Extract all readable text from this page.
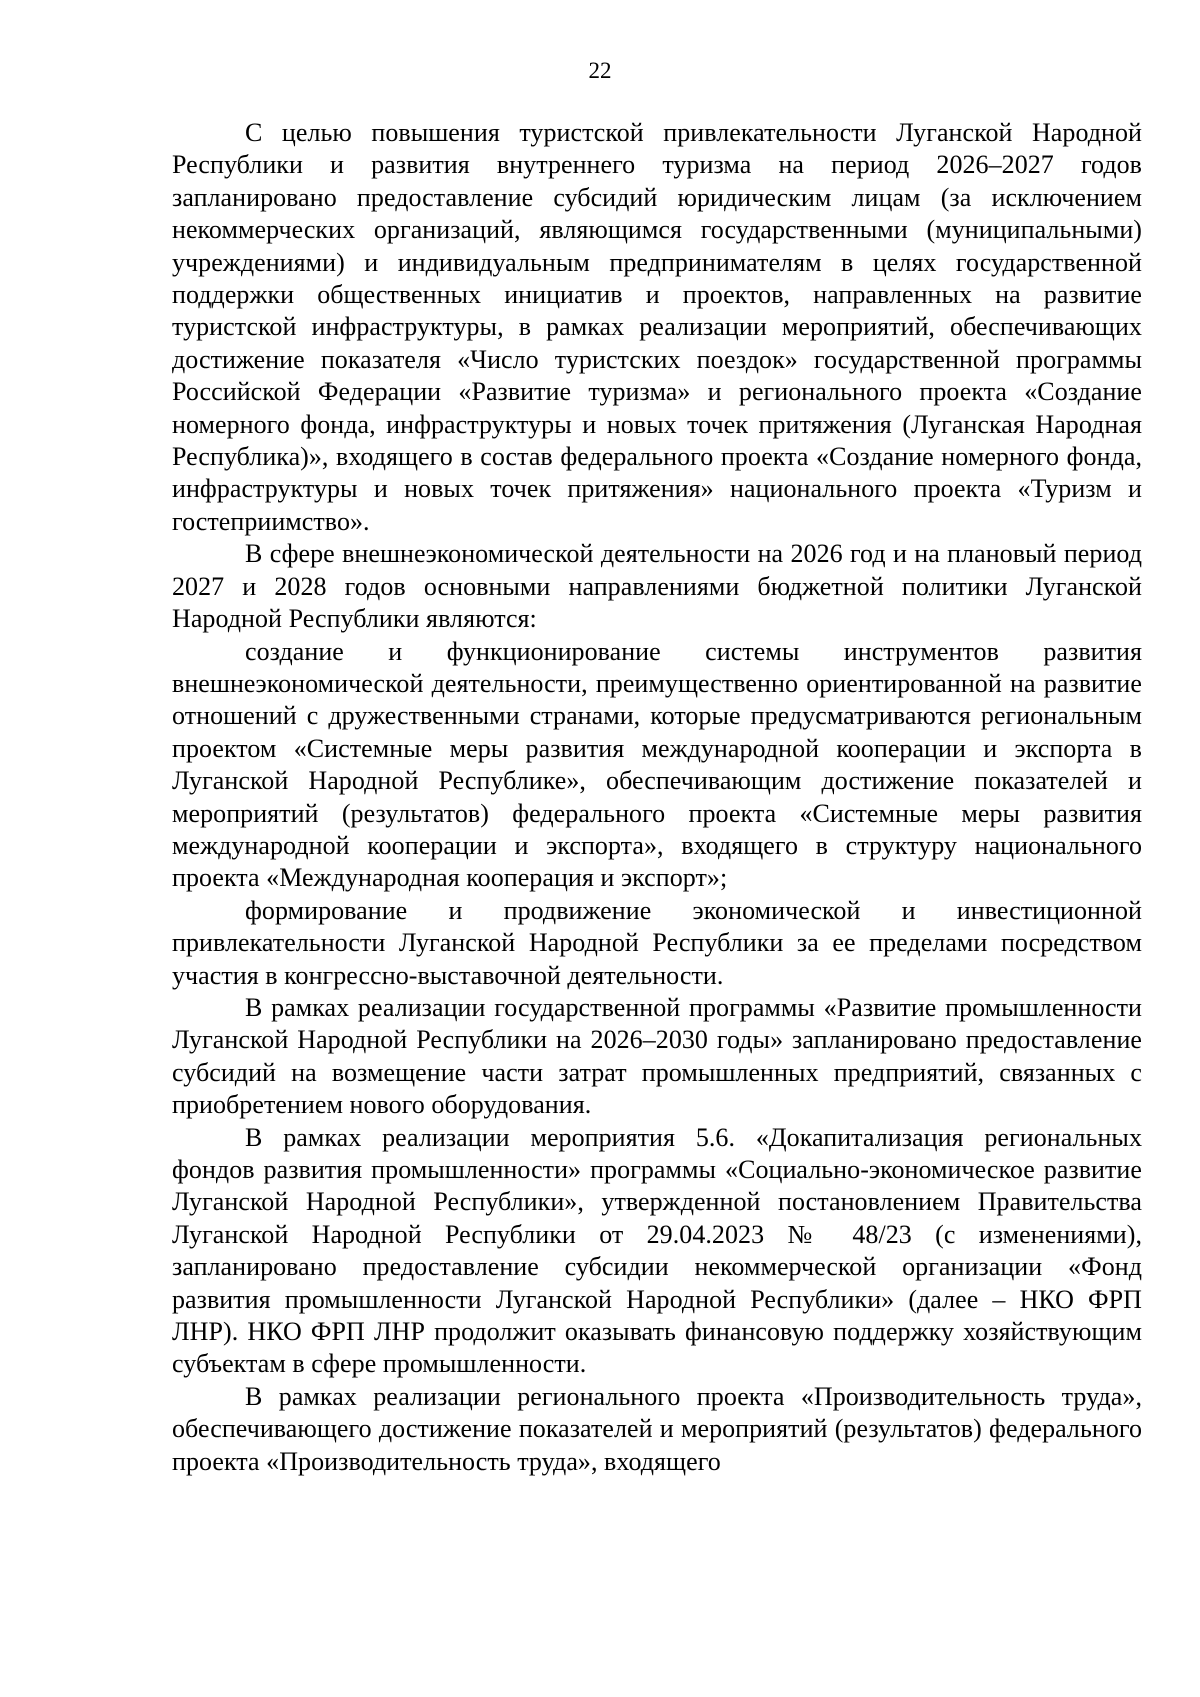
22

С целью повышения туристской привлекательности Луганской Народной Республики и развития внутреннего туризма на период 2026–2027 годов запланировано предоставление субсидий юридическим лицам (за исключением некоммерческих организаций, являющимся государственными (муниципальными) учреждениями) и индивидуальным предпринимателям в целях государственной поддержки общественных инициатив и проектов, направленных на развитие туристской инфраструктуры, в рамках реализации мероприятий, обеспечивающих достижение показателя «Число туристских поездок» государственной программы Российской Федерации «Развитие туризма» и регионального проекта «Создание номерного фонда, инфраструктуры и новых точек притяжения (Луганская Народная Республика)», входящего в состав федерального проекта «Создание номерного фонда, инфраструктуры и новых точек притяжения» национального проекта «Туризм и гостеприимство».

В сфере внешнеэкономической деятельности на 2026 год и на плановый период 2027 и 2028 годов основными направлениями бюджетной политики Луганской Народной Республики являются:

создание и функционирование системы инструментов развития внешнеэкономической деятельности, преимущественно ориентированной на развитие отношений с дружественными странами, которые предусматриваются региональным проектом «Системные меры развития международной кооперации и экспорта в Луганской Народной Республике», обеспечивающим достижение показателей и мероприятий (результатов) федерального проекта «Системные меры развития международной кооперации и экспорта», входящего в структуру национального проекта «Международная кооперация и экспорт»;

формирование и продвижение экономической и инвестиционной привлекательности Луганской Народной Республики за ее пределами посредством участия в конгрессно-выставочной деятельности.

В рамках реализации государственной программы «Развитие промышленности Луганской Народной Республики на 2026–2030 годы» запланировано предоставление субсидий на возмещение части затрат промышленных предприятий, связанных с приобретением нового оборудования.

В рамках реализации мероприятия 5.6. «Докапитализация региональных фондов развития промышленности» программы «Социально-экономическое развитие Луганской Народной Республики», утвержденной постановлением Правительства Луганской Народной Республики от 29.04.2023 № 48/23 (с изменениями), запланировано предоставление субсидии некоммерческой организации «Фонд развития промышленности Луганской Народной Республики» (далее – НКО ФРП ЛНР). НКО ФРП ЛНР продолжит оказывать финансовую поддержку хозяйствующим субъектам в сфере промышленности.

В рамках реализации регионального проекта «Производительность труда», обеспечивающего достижение показателей и мероприятий (результатов) федерального проекта «Производительность труда», входящего
